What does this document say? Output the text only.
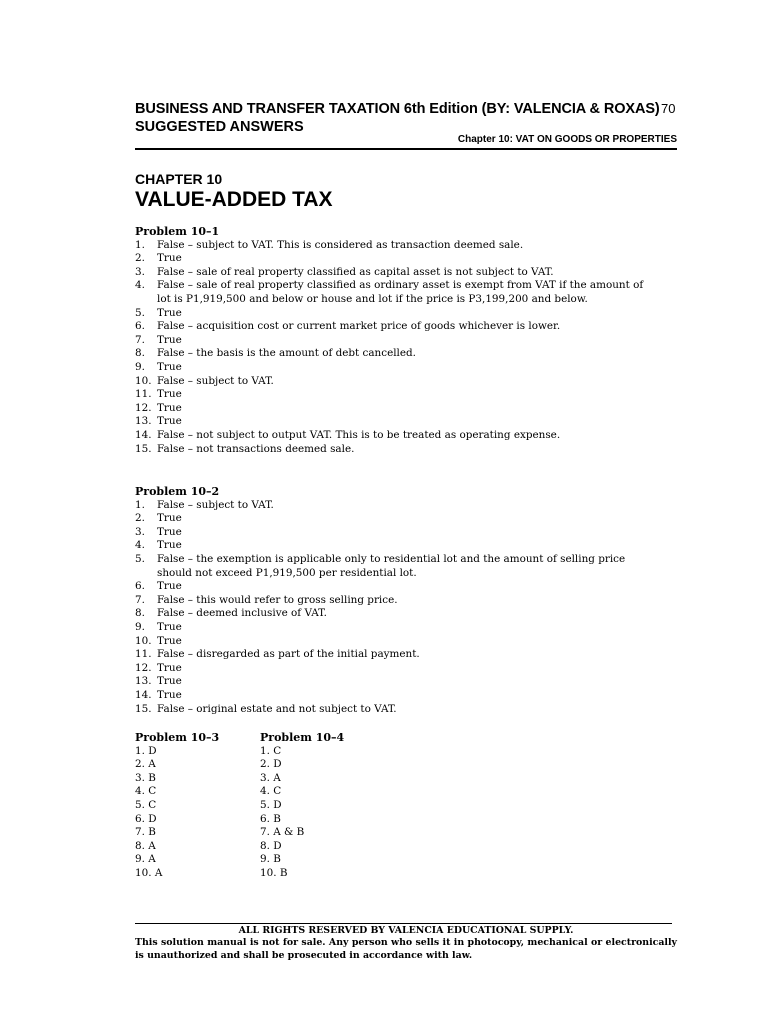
BUSINESS AND TRANSFER TAXATION 6th Edition (BY: VALENCIA & ROXAS) 70
SUGGESTED ANSWERS
Chapter 10: VAT ON GOODS OR PROPERTIES
CHAPTER 10
VALUE-ADDED TAX
Problem 10–1
1. False – subject to VAT. This is considered as transaction deemed sale.
2. True
3. False – sale of real property classified as capital asset is not subject to VAT.
4. False – sale of real property classified as ordinary asset is exempt from VAT if the amount of
lot is P1,919,500 and below or house and lot if the price is P3,199,200 and below.
5. True
6. False – acquisition cost or current market price of goods whichever is lower.
7. True
8. False – the basis is the amount of debt cancelled.
9. True
10. False – subject to VAT.
11. True
12. True
13. True
14. False – not subject to output VAT. This is to be treated as operating expense.
15. False – not transactions deemed sale.
Problem 10–2
1. False – subject to VAT.
2. True
3. True
4. True
5. False – the exemption is applicable only to residential lot and the amount of selling price
should not exceed P1,919,500 per residential lot.
6. True
7. False – this would refer to gross selling price.
8. False – deemed inclusive of VAT.
9. True
10. True
11. False – disregarded as part of the initial payment.
12. True
13. True
14. True
15. False – original estate and not subject to VAT.
Problem 10–3
1. D
2. A
3. B
4. C
5. C
6. D
7. B
8. A
9. A
10. A
Problem 10–4
1. C
2. D
3. A
4. C
5. D
6. B
7. A & B
8. D
9. B
10. B
ALL RIGHTS RESERVED BY VALENCIA EDUCATIONAL SUPPLY.
This solution manual is not for sale. Any person who sells it in photocopy, mechanical or electronically is unauthorized and shall be prosecuted in accordance with law.
